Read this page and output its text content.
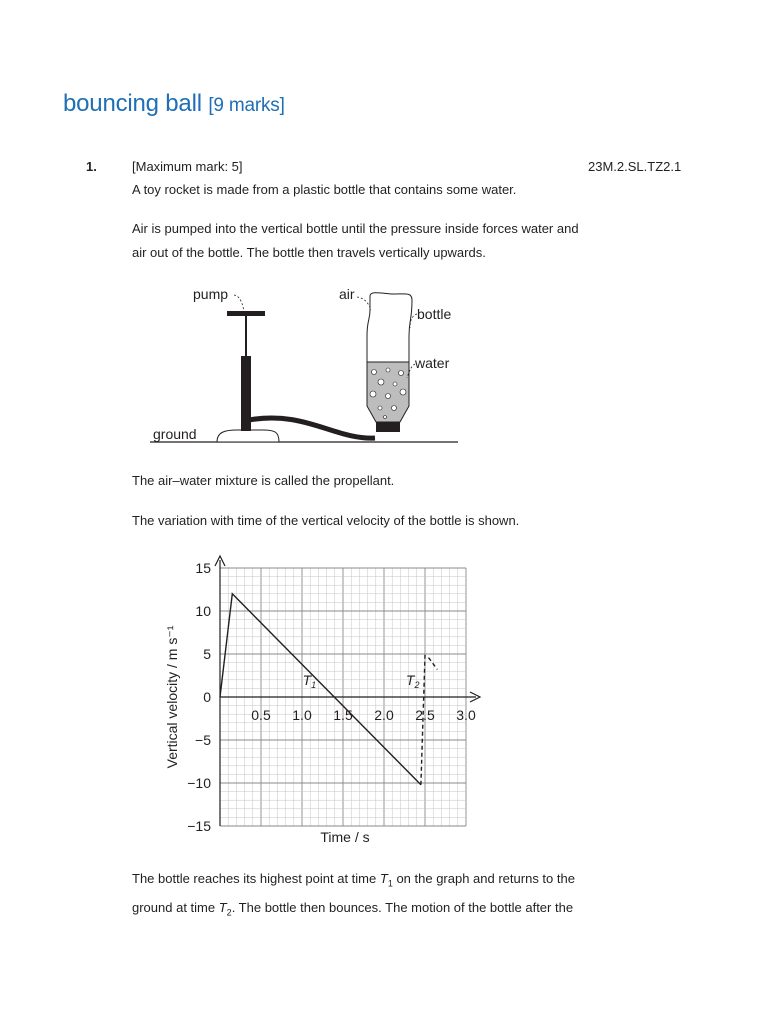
bouncing ball [9 marks]
1.	[Maximum mark: 5]	23M.2.SL.TZ2.1

A toy rocket is made from a plastic bottle that contains some water.

Air is pumped into the vertical bottle until the pressure inside forces water and
air out of the bottle. The bottle then travels vertically upwards.

pump	air
bottle
water
ground

The air–water mixture is called the propellant.

The variation with time of the vertical velocity of the bottle is shown.

0.5 1.0 1.5 2.0 2.5 3.0
15
10
5
0
−5
−10
−15
$T_1$	$T_2$
Time / s
Vertical velocity / m s⁻¹

The bottle reaches its highest point at time $T_1$ on the graph and returns to the
ground at time $T_2$. The bottle then bounces. The motion of the bottle after the
